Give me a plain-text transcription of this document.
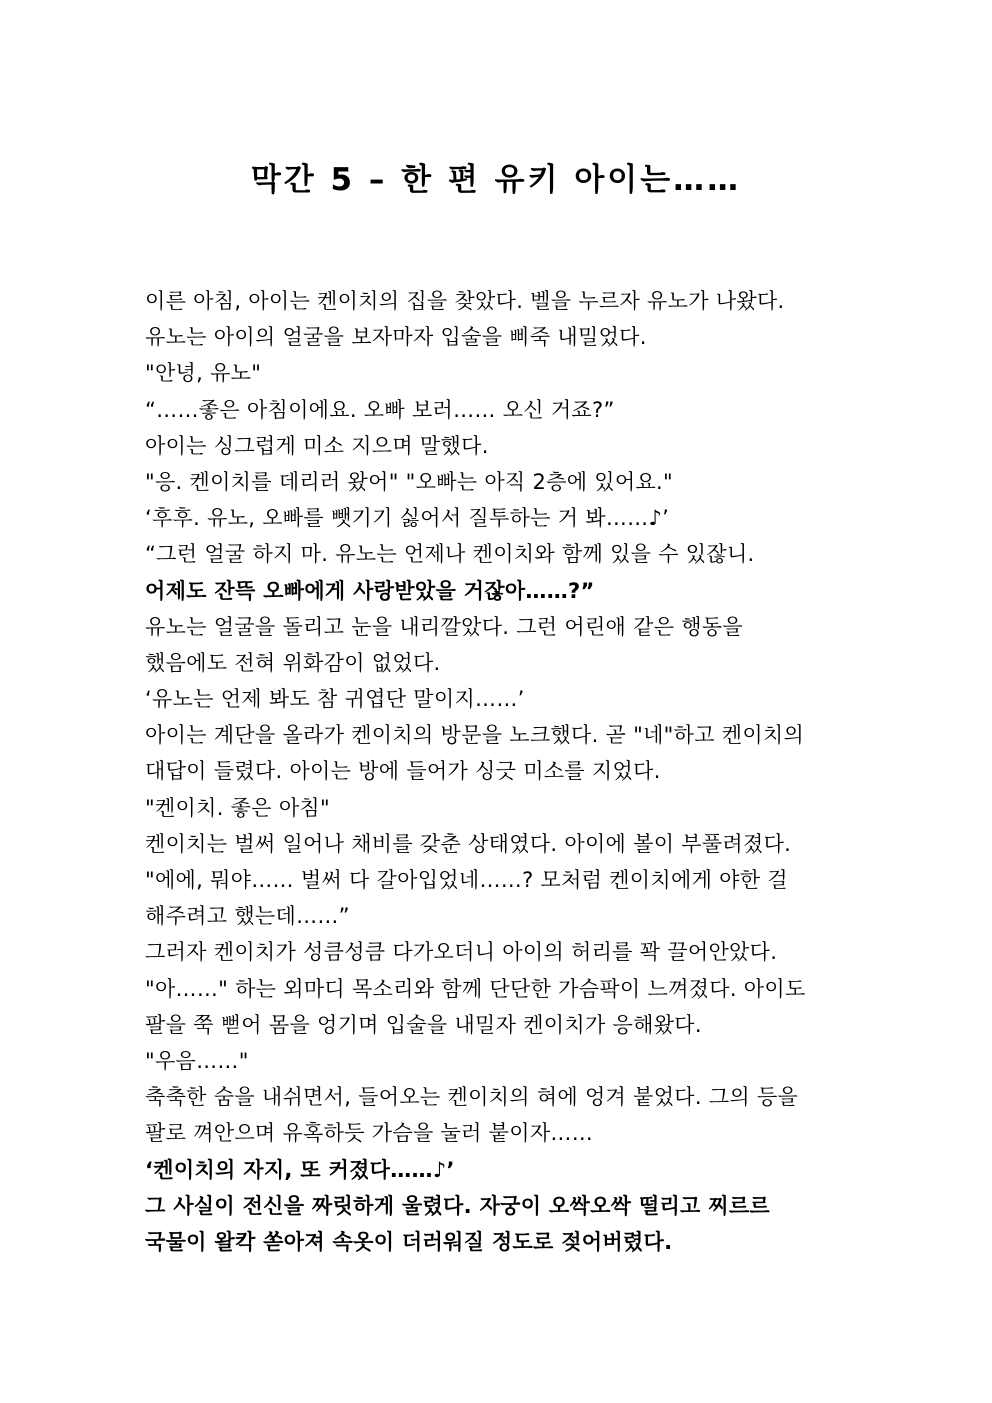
막간 5 – 한 편 유키 아이는……
이른 아침, 아이는 켄이치의 집을 찾았다. 벨을 누르자 유노가 나왔다.
유노는 아이의 얼굴을 보자마자 입술을 삐죽 내밀었다.
"안녕, 유노"
“……좋은 아침이에요. 오빠 보러…… 오신 거죠?”
아이는 싱그럽게 미소 지으며 말했다.
"응. 켄이치를 데리러 왔어" "오빠는 아직 2층에 있어요."
‘후후. 유노, 오빠를 뺏기기 싫어서 질투하는 거 봐……♪’
“그런 얼굴 하지 마. 유노는 언제나 켄이치와 함께 있을 수 있잖니.
어제도 잔뜩 오빠에게 사랑받았을 거잖아……?”
유노는 얼굴을 돌리고 눈을 내리깔았다. 그런 어린애 같은 행동을
했음에도 전혀 위화감이 없었다.
‘유노는 언제 봐도 참 귀엽단 말이지……’
아이는 계단을 올라가 켄이치의 방문을 노크했다. 곧 "네"하고 켄이치의
대답이 들렸다. 아이는 방에 들어가 싱긋 미소를 지었다.
"켄이치. 좋은 아침"
켄이치는 벌써 일어나 채비를 갖춘 상태였다. 아이에 볼이 부풀려졌다.
"에에, 뭐야…… 벌써 다 갈아입었네……? 모처럼 켄이치에게 야한 걸
해주려고 했는데……”
그러자 켄이치가 성큼성큼 다가오더니 아이의 허리를 꽉 끌어안았다.
"아……" 하는 외마디 목소리와 함께 단단한 가슴팍이 느껴졌다. 아이도
팔을 쭉 뻗어 몸을 엉기며 입술을 내밀자 켄이치가 응해왔다.
"우음……"
축축한 숨을 내쉬면서, 들어오는 켄이치의 혀에 엉겨 붙었다. 그의 등을
팔로 껴안으며 유혹하듯 가슴을 눌러 붙이자……
‘켄이치의 자지, 또 커졌다……♪’
그 사실이 전신을 짜릿하게 울렸다. 자궁이 오싹오싹 떨리고 찌르르
국물이 왈칵 쏟아져 속옷이 더러워질 정도로 젖어버렸다.
